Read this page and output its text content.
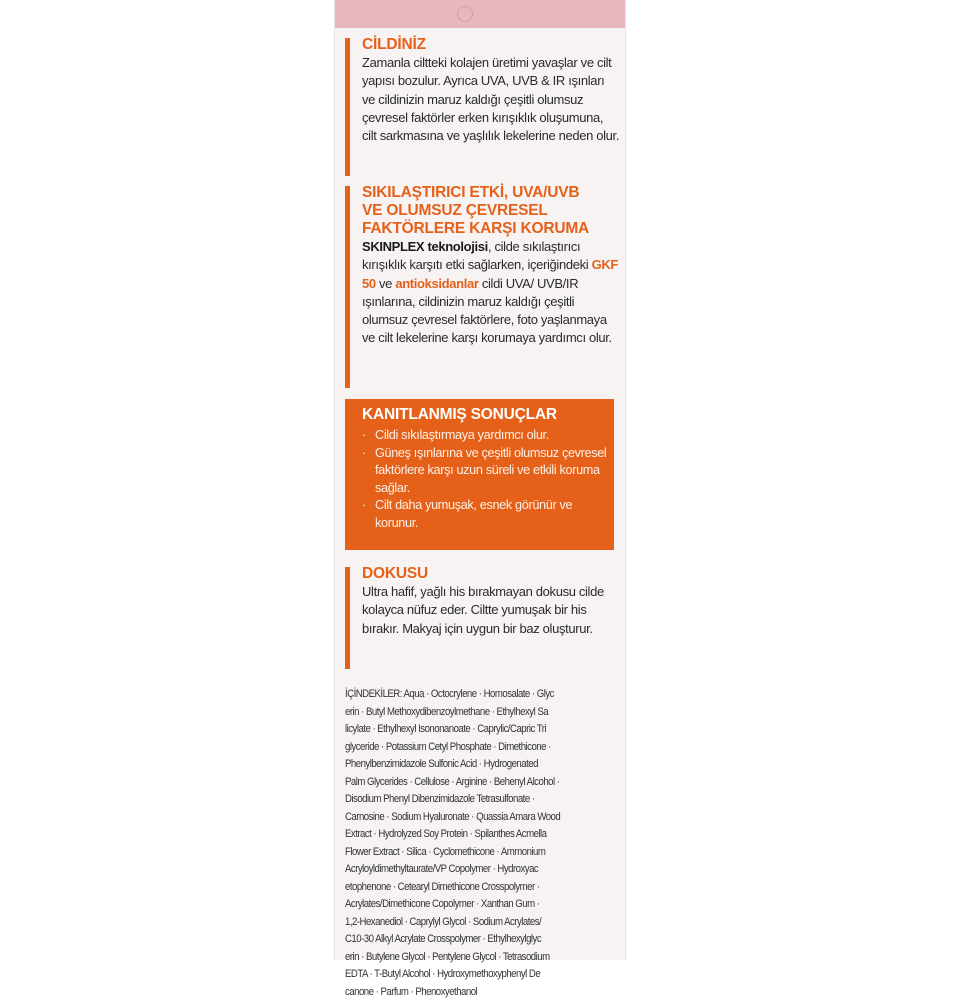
CİLDİNİZ
Zamanla ciltteki kolajen üretimi yavaşlar ve cilt yapısı bozulur. Ayrıca UVA, UVB & IR ışınları ve cildinizin maruz kaldığı çeşitli olumsuz çevresel faktörler erken kırışıklık oluşumuna, cilt sarkmasına ve yaşlılık lekelerine neden olur.
SIKILAŞTIRICI ETKİ, UVA/UVB
VE OLUMSUZ ÇEVRESEL
FAKTÖRLERE KARŞI KORUMA
SKINPLEX teknolojisi, cilde sıkılaştırıcı kırışıklık karşıtı etki sağlarken, içeriğindeki GKF 50 ve antioksidanlar cildi UVA/ UVB/IR ışınlarına, cildinizin maruz kaldığı çeşitli olumsuz çevresel faktörlere, foto yaşlanmaya ve cilt lekelerine karşı korumaya yardımcı olur.
KANITLANMIŞ SONUÇLAR
· Cildi sıkılaştırmaya yardımcı olur.
· Güneş ışınlarına ve çeşitli olumsuz çevresel faktörlere karşı uzun süreli ve etkili koruma sağlar.
· Cilt daha yumuşak, esnek görünür ve korunur.
DOKUSU
Ultra hafif, yağlı his bırakmayan dokusu cilde kolayca nüfuz eder. Ciltte yumuşak bir his bırakır. Makyaj için uygun bir baz oluşturur.
İÇİNDEKİLER: Aqua · Octocrylene · Homosalate · Glyc
erin · Butyl Methoxydibenzoylmethane · Ethylhexyl Sa
licylate · Ethylhexyl Isononanoate · Caprylic/Capric Tri
glyceride · Potassium Cetyl Phosphate · Dimethicone ·
Phenylbenzimidazole Sulfonic Acid · Hydrogenated
Palm Glycerides · Cellulose · Arginine · Behenyl Alcohol ·
Disodium Phenyl Dibenzimidazole Tetrasulfonate ·
Carnosine · Sodium Hyaluronate · Quassia Amara Wood
Extract · Hydrolyzed Soy Protein · Spilanthes Acmella
Flower Extract · Silica · Cyclomethicone · Ammonium
Acryloyldimethyltaurate/VP Copolymer · Hydroxyac
etophenone · Cetearyl Dimethicone Crosspolymer ·
Acrylates/Dimethicone Copolymer · Xanthan Gum ·
1,2-Hexanediol · Caprylyl Glycol · Sodium Acrylates/
C10-30 Alkyl Acrylate Crosspolymer · Ethylhexylglyc
erin · Butylene Glycol · Pentylene Glycol · Tetrasodium
EDTA · T-Butyl Alcohol · Hydroxymethoxyphenyl De
canone · Parfum · Phenoxyethanol
